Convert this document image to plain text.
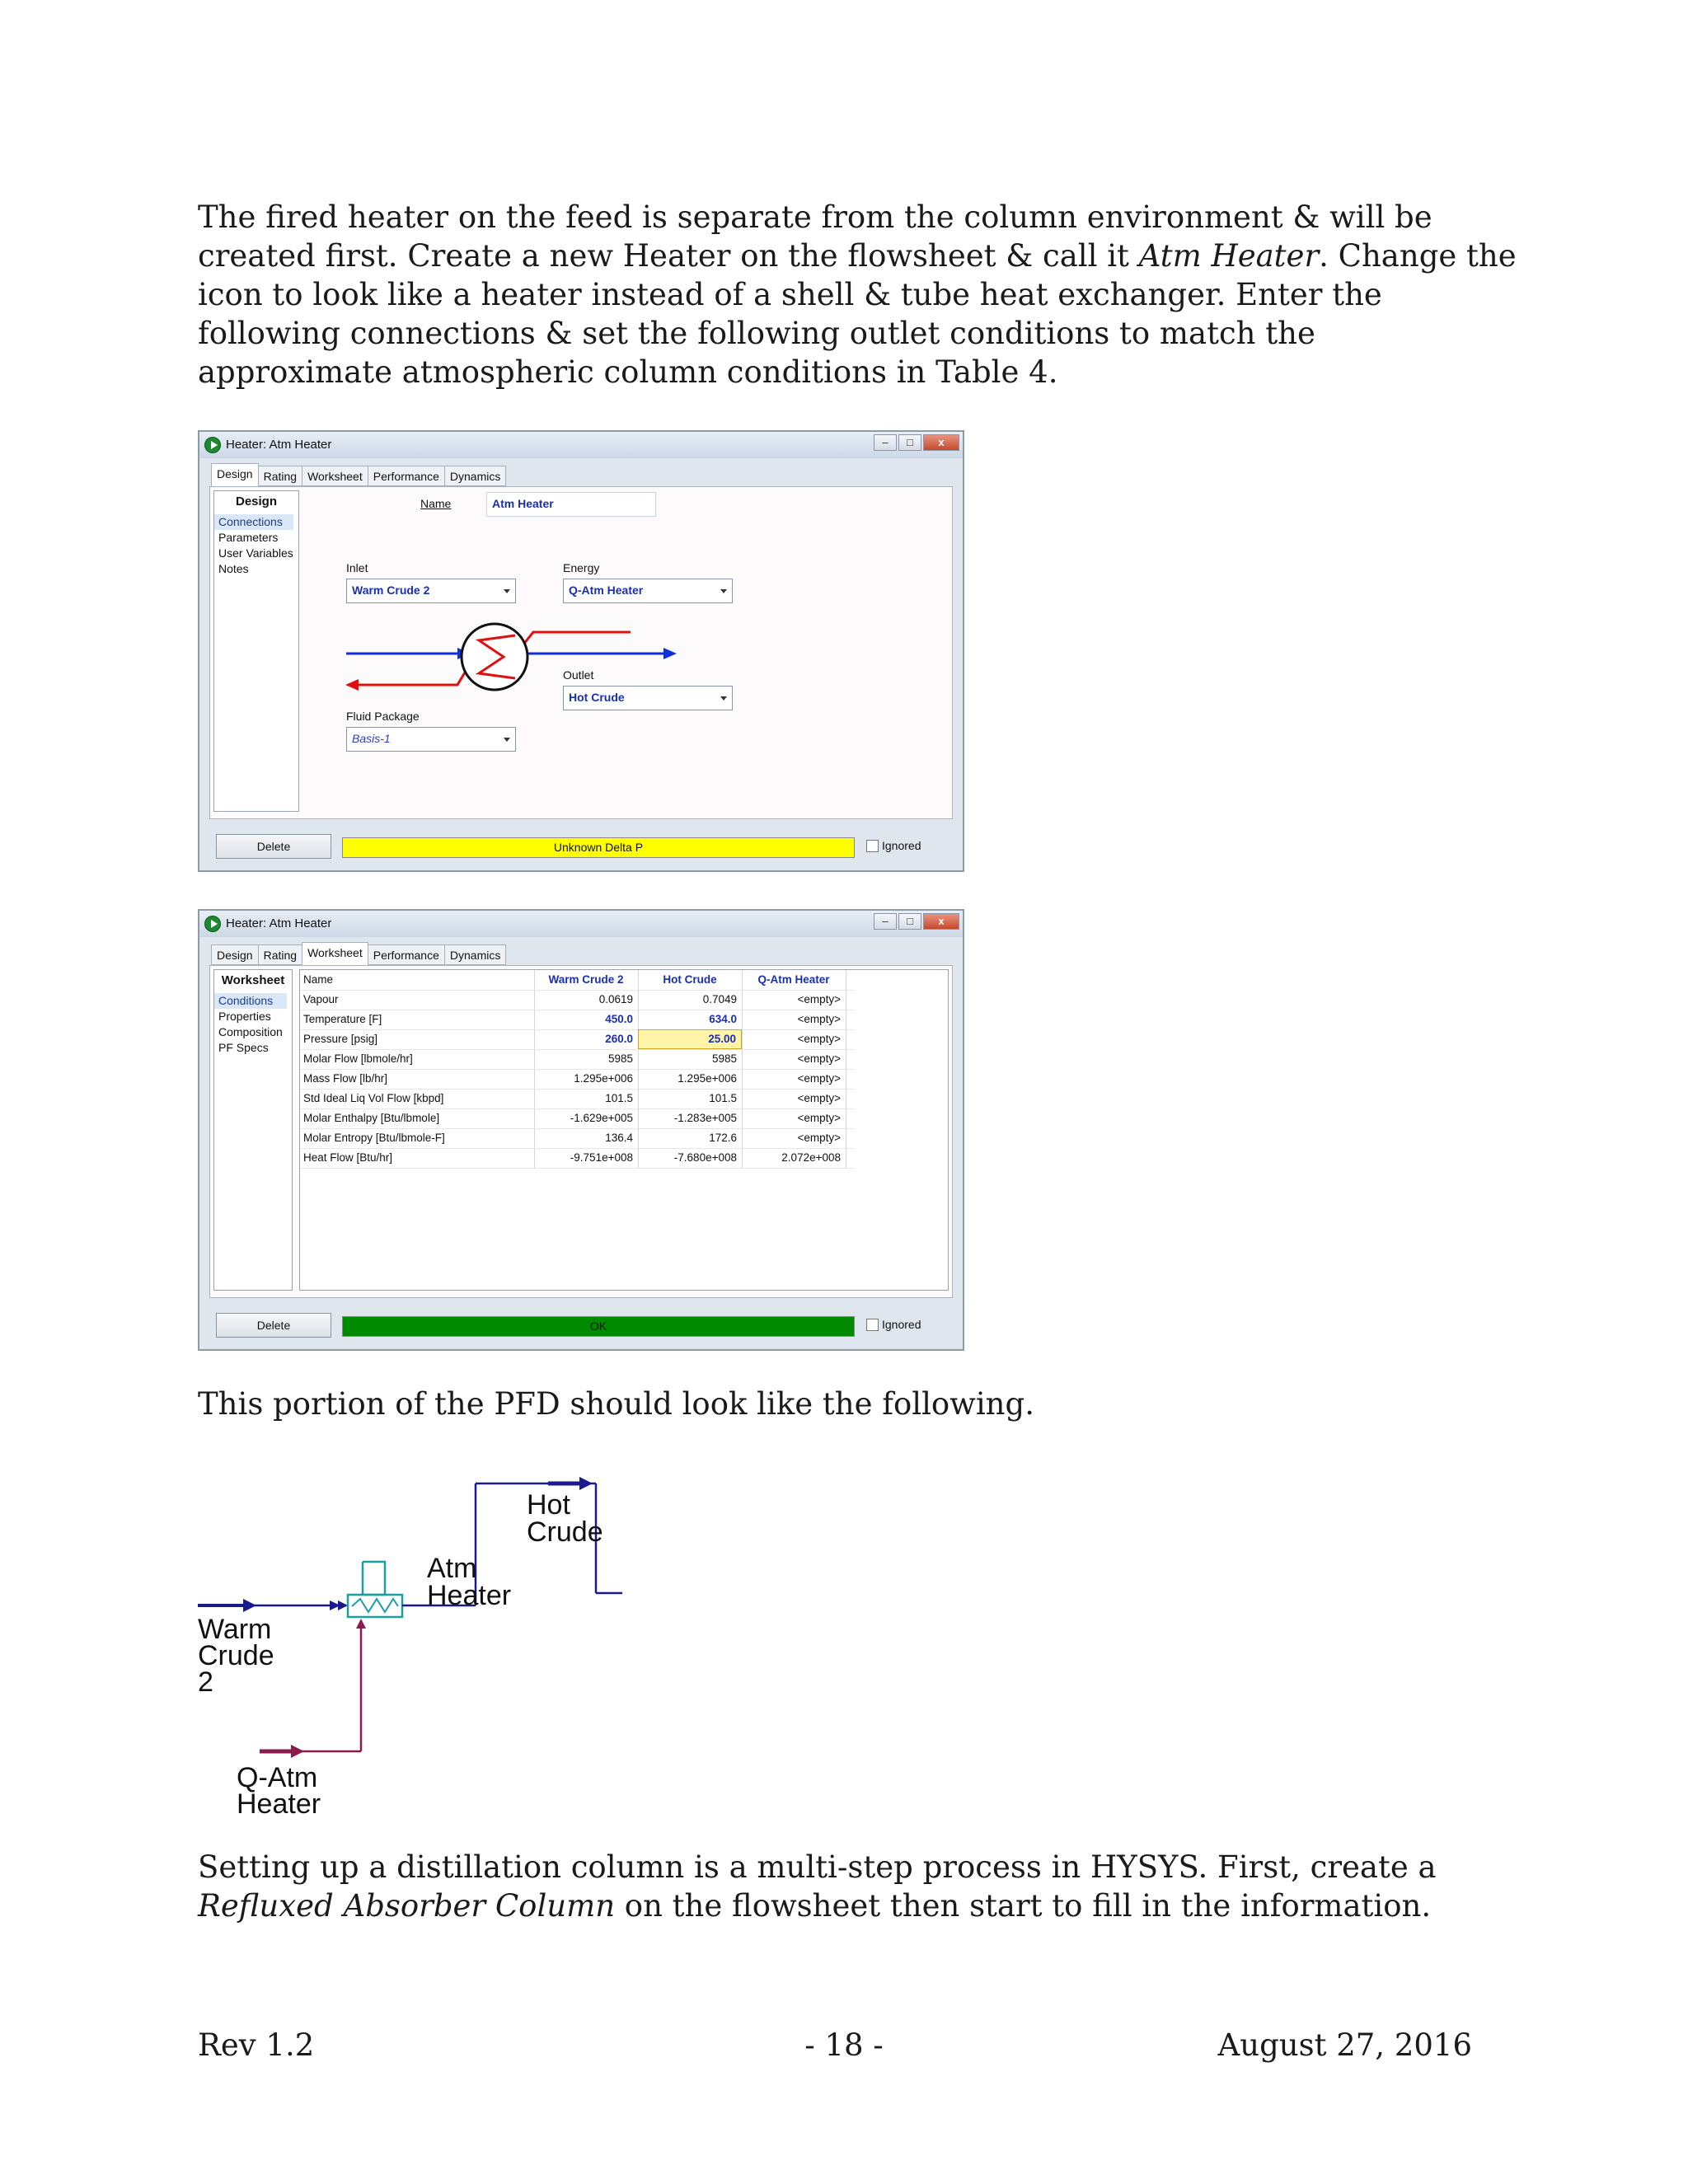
The fired heater on the feed is separate from the column environment & will be created first. Create a new Heater on the flowsheet & call it Atm Heater. Change the icon to look like a heater instead of a shell & tube heat exchanger. Enter the following connections & set the following outlet conditions to match the approximate atmospheric column conditions in Table 4.

Heater: Atm Heater	–	□	x
Design Rating Worksheet Performance Dynamics
Design
Connections
Parameters
User Variables
Notes
Name	Atm Heater
Inlet
Warm Crude 2
Energy
Q-Atm Heater
Outlet
Hot Crude
Fluid Package
Basis-1
Delete	Unknown Delta P	Ignored
Heater: Atm Heater	–	□	x
Design Rating Worksheet Performance Dynamics
Worksheet
Conditions
Properties
Composition
PF Specs
Name	Warm Crude 2	Hot Crude	Q-Atm Heater
Vapour	0.0619	0.7049	<empty>
Temperature [F]	450.0	634.0	<empty>
Pressure [psig]	260.0	25.00	<empty>
Molar Flow [lbmole/hr]	5985	5985	<empty>
Mass Flow [lb/hr]	1.295e+006	1.295e+006	<empty>
Std Ideal Liq Vol Flow [kbpd]	101.5	101.5	<empty>
Molar Enthalpy [Btu/lbmole]	-1.629e+005	-1.283e+005	<empty>
Molar Entropy [Btu/lbmole-F]	136.4	172.6	<empty>
Heat Flow [Btu/hr]	-9.751e+008	-7.680e+008	2.072e+008
Delete	OK	Ignored

This portion of the PFD should look like the following.

Atm
Heater
Hot
Crude
Warm
Crude
2
Q-Atm
Heater

Setting up a distillation column is a multi-step process in HYSYS. First, create a Refluxed Absorber Column on the flowsheet then start to fill in the information.

Rev 1.2	- 18 -	August 27, 2016
